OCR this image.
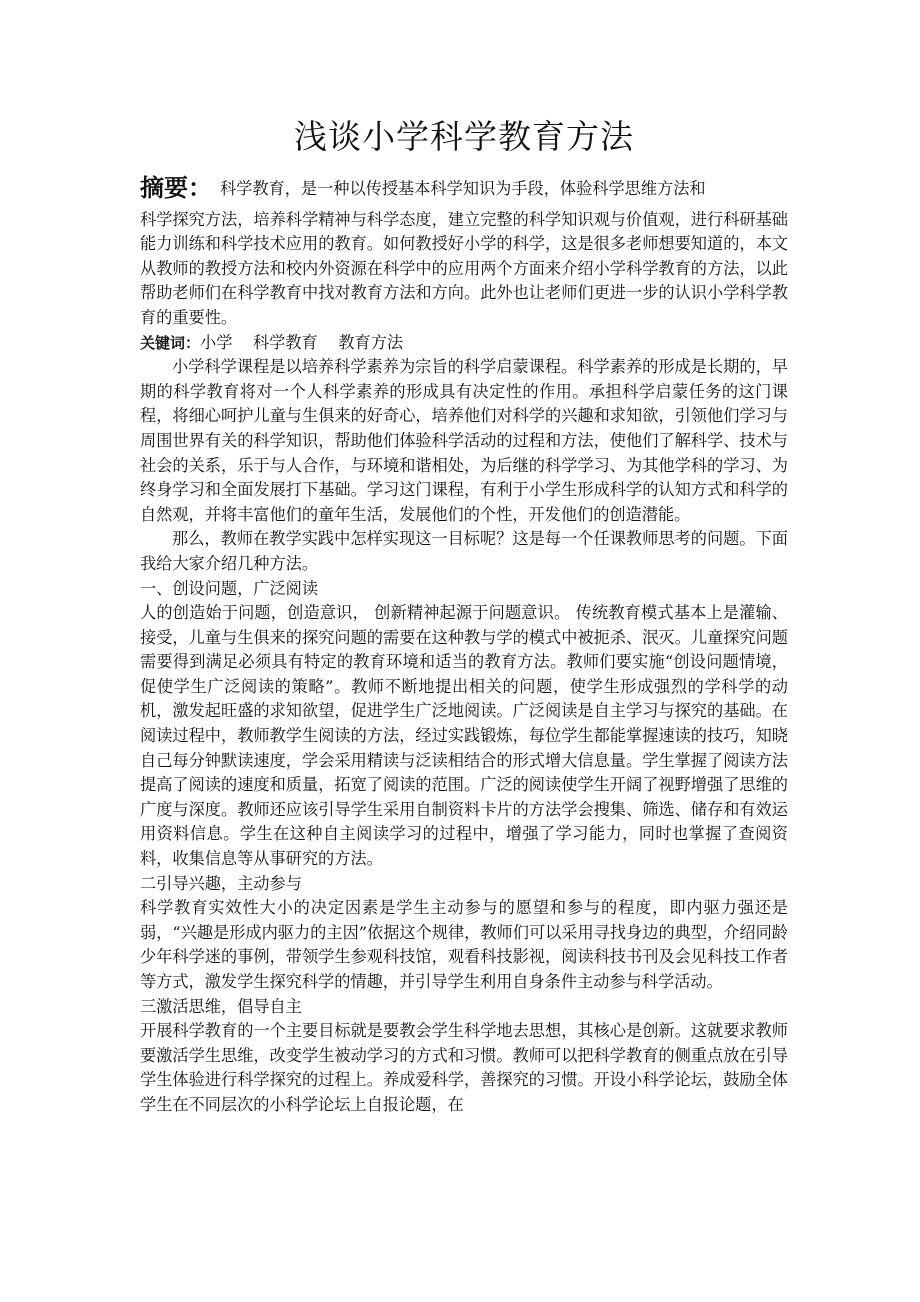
浅谈小学科学教育方法
摘要： 科学教育，是一种以传授基本科学知识为手段，体验科学思维方法和
科学探究方法，培养科学精神与科学态度，建立完整的科学知识观与价值观，进行科研基础能力训练和科学技术应用的教育。如何教授好小学的科学，这是很多老师想要知道的，本文从教师的教授方法和校内外资源在科学中的应用两个方面来介绍小学科学教育的方法，以此帮助老师们在科学教育中找对教育方法和方向。此外也让老师们更进一步的认识小学科学教育的重要性。

关键词：小学 科学教育 教育方法

小学科学课程是以培养科学素养为宗旨的科学启蒙课程。科学素养的形成是长期的，早期的科学教育将对一个人科学素养的形成具有决定性的作用。承担科学启蒙任务的这门课程，将细心呵护儿童与生俱来的好奇心，培养他们对科学的兴趣和求知欲，引领他们学习与周围世界有关的科学知识，帮助他们体验科学活动的过程和方法，使他们了解科学、技术与社会的关系，乐于与人合作，与环境和谐相处，为后继的科学学习、为其他学科的学习、为终身学习和全面发展打下基础。学习这门课程，有利于小学生形成科学的认知方式和科学的自然观，并将丰富他们的童年生活，发展他们的个性，开发他们的创造潜能。

那么，教师在教学实践中怎样实现这一目标呢？这是每一个任课教师思考的问题。下面我给大家介绍几种方法。

一、创设问题，广泛阅读

人的创造始于问题，创造意识， 创新精神起源于问题意识。 传统教育模式基本上是灌输、接受，儿童与生俱来的探究问题的需要在这种教与学的模式中被扼杀、泯灭。儿童探究问题需要得到满足必须具有特定的教育环境和适当的教育方法。教师们要实施“创设问题情境，促使学生广泛阅读的策略”。教师不断地提出相关的问题，使学生形成强烈的学科学的动机，激发起旺盛的求知欲望，促进学生广泛地阅读。广泛阅读是自主学习与探究的基础。在阅读过程中，教师教学生阅读的方法，经过实践锻炼，每位学生都能掌握速读的技巧，知晓自己每分钟默读速度，学会采用精读与泛读相结合的形式增大信息量。学生掌握了阅读方法提高了阅读的速度和质量，拓宽了阅读的范围。广泛的阅读使学生开阔了视野增强了思维的广度与深度。教师还应该引导学生采用自制资料卡片的方法学会搜集、筛选、储存和有效运用资料信息。学生在这种自主阅读学习的过程中，增强了学习能力，同时也掌握了查阅资料，收集信息等从事研究的方法。

二引导兴趣，主动参与

科学教育实效性大小的决定因素是学生主动参与的愿望和参与的程度，即内驱力强还是弱，“兴趣是形成内驱力的主因”依据这个规律，教师们可以采用寻找身边的典型，介绍同龄少年科学迷的事例，带领学生参观科技馆，观看科技影视，阅读科技书刊及会见科技工作者等方式，激发学生探究科学的情趣，并引导学生利用自身条件主动参与科学活动。

三激活思维，倡导自主

开展科学教育的一个主要目标就是要教会学生科学地去思想，其核心是创新。这就要求教师要激活学生思维，改变学生被动学习的方式和习惯。教师可以把科学教育的侧重点放在引导学生体验进行科学探究的过程上。养成爱科学，善探究的习惯。开设小科学论坛，鼓励全体学生在不同层次的小科学论坛上自报论题，在
